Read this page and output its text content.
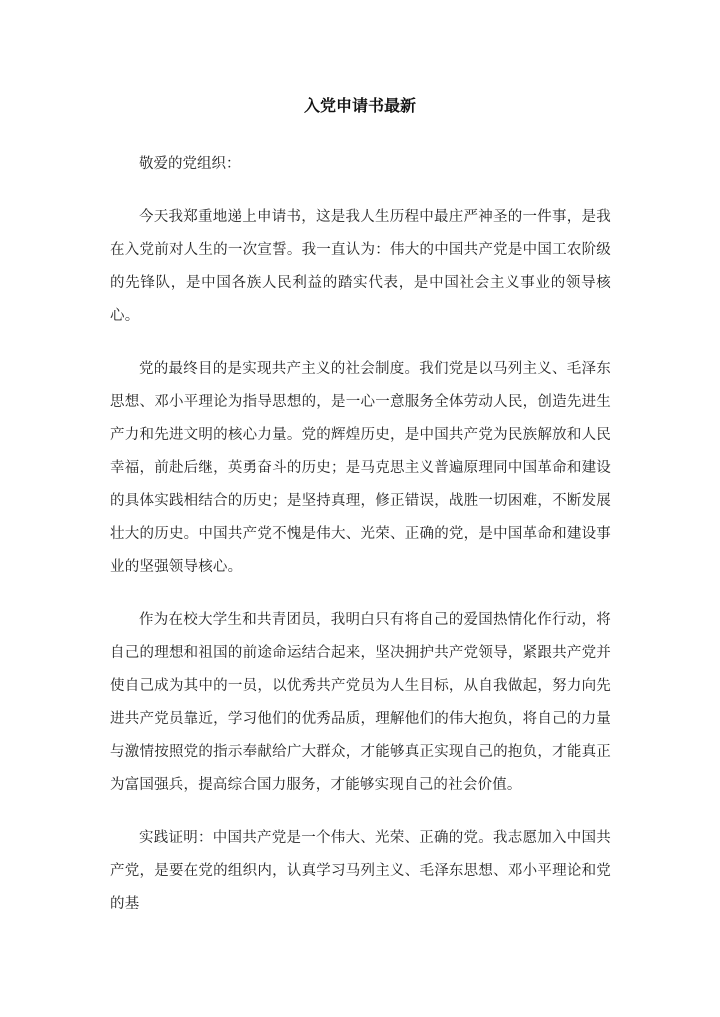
入党申请书最新

敬爱的党组织：

今天我郑重地递上申请书，这是我人生历程中最庄严神圣的一件事，是我在入党前对人生的一次宣誓。我一直认为：伟大的中国共产党是中国工农阶级的先锋队，是中国各族人民利益的踏实代表，是中国社会主义事业的领导核心。

党的最终目的是实现共产主义的社会制度。我们党是以马列主义、毛泽东思想、邓小平理论为指导思想的，是一心一意服务全体劳动人民，创造先进生产力和先进文明的核心力量。党的辉煌历史，是中国共产党为民族解放和人民幸福，前赴后继，英勇奋斗的历史；是马克思主义普遍原理同中国革命和建设的具体实践相结合的历史；是坚持真理，修正错误，战胜一切困难，不断发展壮大的历史。中国共产党不愧是伟大、光荣、正确的党，是中国革命和建设事业的坚强领导核心。

作为在校大学生和共青团员，我明白只有将自己的爱国热情化作行动，将自己的理想和祖国的前途命运结合起来，坚决拥护共产党领导，紧跟共产党并使自己成为其中的一员，以优秀共产党员为人生目标，从自我做起，努力向先进共产党员靠近，学习他们的优秀品质，理解他们的伟大抱负，将自己的力量与激情按照党的指示奉献给广大群众，才能够真正实现自己的抱负，才能真正为富国强兵，提高综合国力服务，才能够实现自己的社会价值。

实践证明：中国共产党是一个伟大、光荣、正确的党。我志愿加入中国共产党，是要在党的组织内，认真学习马列主义、毛泽东思想、邓小平理论和党的基
